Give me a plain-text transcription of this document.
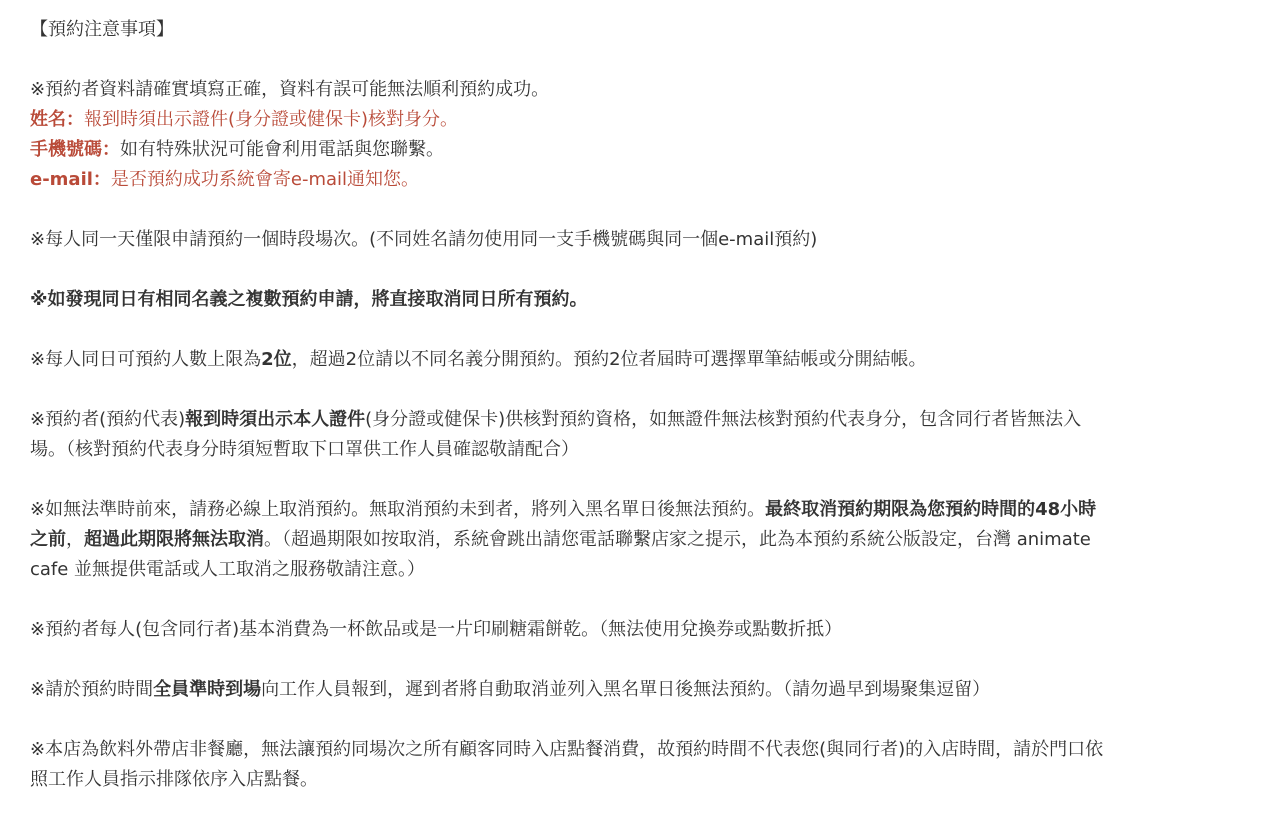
【預約注意事項】
※預約者資料請確實填寫正確，資料有誤可能無法順利預約成功。
姓名：報到時須出示證件(身分證或健保卡)核對身分。
手機號碼：如有特殊狀況可能會利用電話與您聯繫。
e-mail：是否預約成功系統會寄e-mail通知您。
※每人同一天僅限申請預約一個時段場次。(不同姓名請勿使用同一支手機號碼與同一個e-mail預約)
※如發現同日有相同名義之複數預約申請，將直接取消同日所有預約。
※每人同日可預約人數上限為2位，超過2位請以不同名義分開預約。預約2位者屆時可選擇單筆結帳或分開結帳。
※預約者(預約代表)報到時須出示本人證件(身分證或健保卡)供核對預約資格，如無證件無法核對預約代表身分，包含同行者皆無法入
場。（核對預約代表身分時須短暫取下口罩供工作人員確認敬請配合）
※如無法準時前來，請務必線上取消預約。無取消預約未到者，將列入黑名單日後無法預約。最終取消預約期限為您預約時間的48小時
之前，超過此期限將無法取消。（超過期限如按取消，系統會跳出請您電話聯繫店家之提示，此為本預約系統公版設定，台灣 animate
cafe 並無提供電話或人工取消之服務敬請注意。）
※預約者每人(包含同行者)基本消費為一杯飲品或是一片印刷糖霜餅乾。（無法使用兌換券或點數折抵）
※請於預約時間全員準時到場向工作人員報到，遲到者將自動取消並列入黑名單日後無法預約。（請勿過早到場聚集逗留）
※本店為飲料外帶店非餐廳，無法讓預約同場次之所有顧客同時入店點餐消費，故預約時間不代表您(與同行者)的入店時間，請於門口依
照工作人員指示排隊依序入店點餐。
